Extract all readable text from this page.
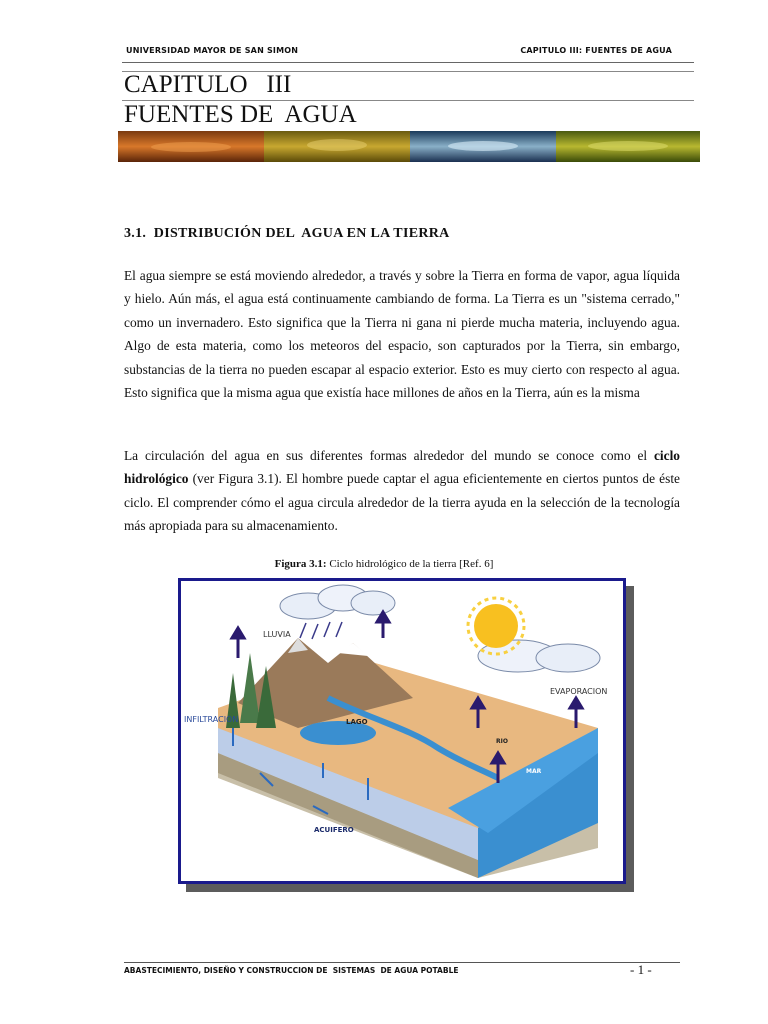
UNIVERSIDAD MAYOR DE SAN SIMON	CAPITULO III: FUENTES DE AGUA
CAPITULO   III
FUENTES DE  AGUA
3.1.  DISTRIBUCIÓN DEL  AGUA EN LA TIERRA
El agua siempre se está moviendo alrededor, a través y sobre la Tierra en forma de vapor, agua líquida y hielo. Aún más, el agua está continuamente cambiando de forma. La Tierra es un "sistema cerrado," como un invernadero. Esto significa que la Tierra ni gana ni pierde mucha materia, incluyendo agua. Algo de esta materia, como los meteoros del espacio, son capturados por la Tierra, sin embargo, substancias de la tierra no pueden escapar al espacio exterior. Esto es muy cierto con respecto al agua. Esto significa que la misma agua que existía hace millones de años en la Tierra, aún es la misma
La circulación del agua en sus diferentes formas alrededor del mundo se conoce como el ciclo hidrológico (ver Figura 3.1). El hombre puede captar el agua eficientemente en ciertos puntos de éste ciclo. El comprender cómo el agua circula alrededor de la tierra ayuda en la selección de la tecnología más apropiada para su almacenamiento.
Figura 3.1: Ciclo hidrológico de la tierra [Ref. 6]
LLUVIA
EVAPORACION
INFILTRACION	LAGO
RIO
MAR
ACUIFERO
ABASTECIMIENTO, DISEÑO Y CONSTRUCCION DE  SISTEMAS  DE AGUA POTABLE	- 1 -
